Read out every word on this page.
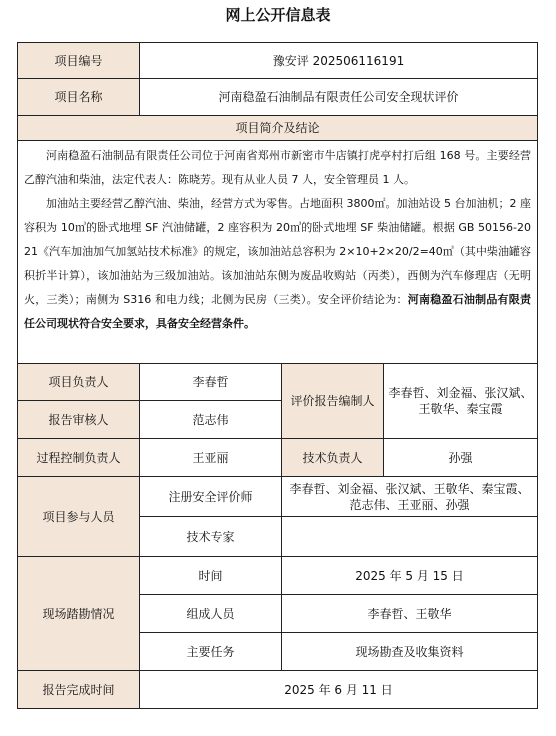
网上公开信息表
项目编号	豫安评 202506116191		
项目名称	河南稳盈石油制品有限责任公司安全现状评价		
项目简介及结论			

河南稳盈石油制品有限责任公司位于河南省郑州市新密市牛店镇打虎亭村打后组 168 号。主要经营乙醇汽油和柴油，法定代表人：陈晓芳。现有从业人员 7 人，安全管理员 1 人。

加油站主要经营乙醇汽油、柴油，经营方式为零售。占地面积 3800㎡。加油站设 5 台加油机；2 座容积为 10㎥的卧式地埋 SF 汽油储罐，2 座容积为 20㎥的卧式地埋 SF 柴油储罐。根据 GB 50156-2021《汽车加油加气加氢站技术标准》的规定，该加油站总容积为 2×10+2×20/2=40㎥（其中柴油罐容积折半计算），该加油站为三级加油站。该加油站东侧为废品收购站（丙类），西侧为汽车修理店（无明火，三类）；南侧为 S316 和电力线；北侧为民房（三类）。安全评价结论为：河南稳盈石油制品有限责任公司现状符合安全要求，具备安全经营条件。			

项目负责人	李春哲	评价报告编制人	李春哲、刘金福、张汉斌、王敬华、秦宝霞
报告审核人	范志伟		
过程控制负责人	王亚丽	技术负责人	孙强
项目参与人员	注册安全评价师	李春哲、刘金福、张汉斌、王敬华、秦宝霞、范志伟、王亚丽、孙强	
	技术专家		
现场踏勘情况	时间	2025 年 5 月 15 日	
	组成人员	李春哲、王敬华	
	主要任务	现场勘查及收集资料	
报告完成时间	2025 年 6 月 11 日		
